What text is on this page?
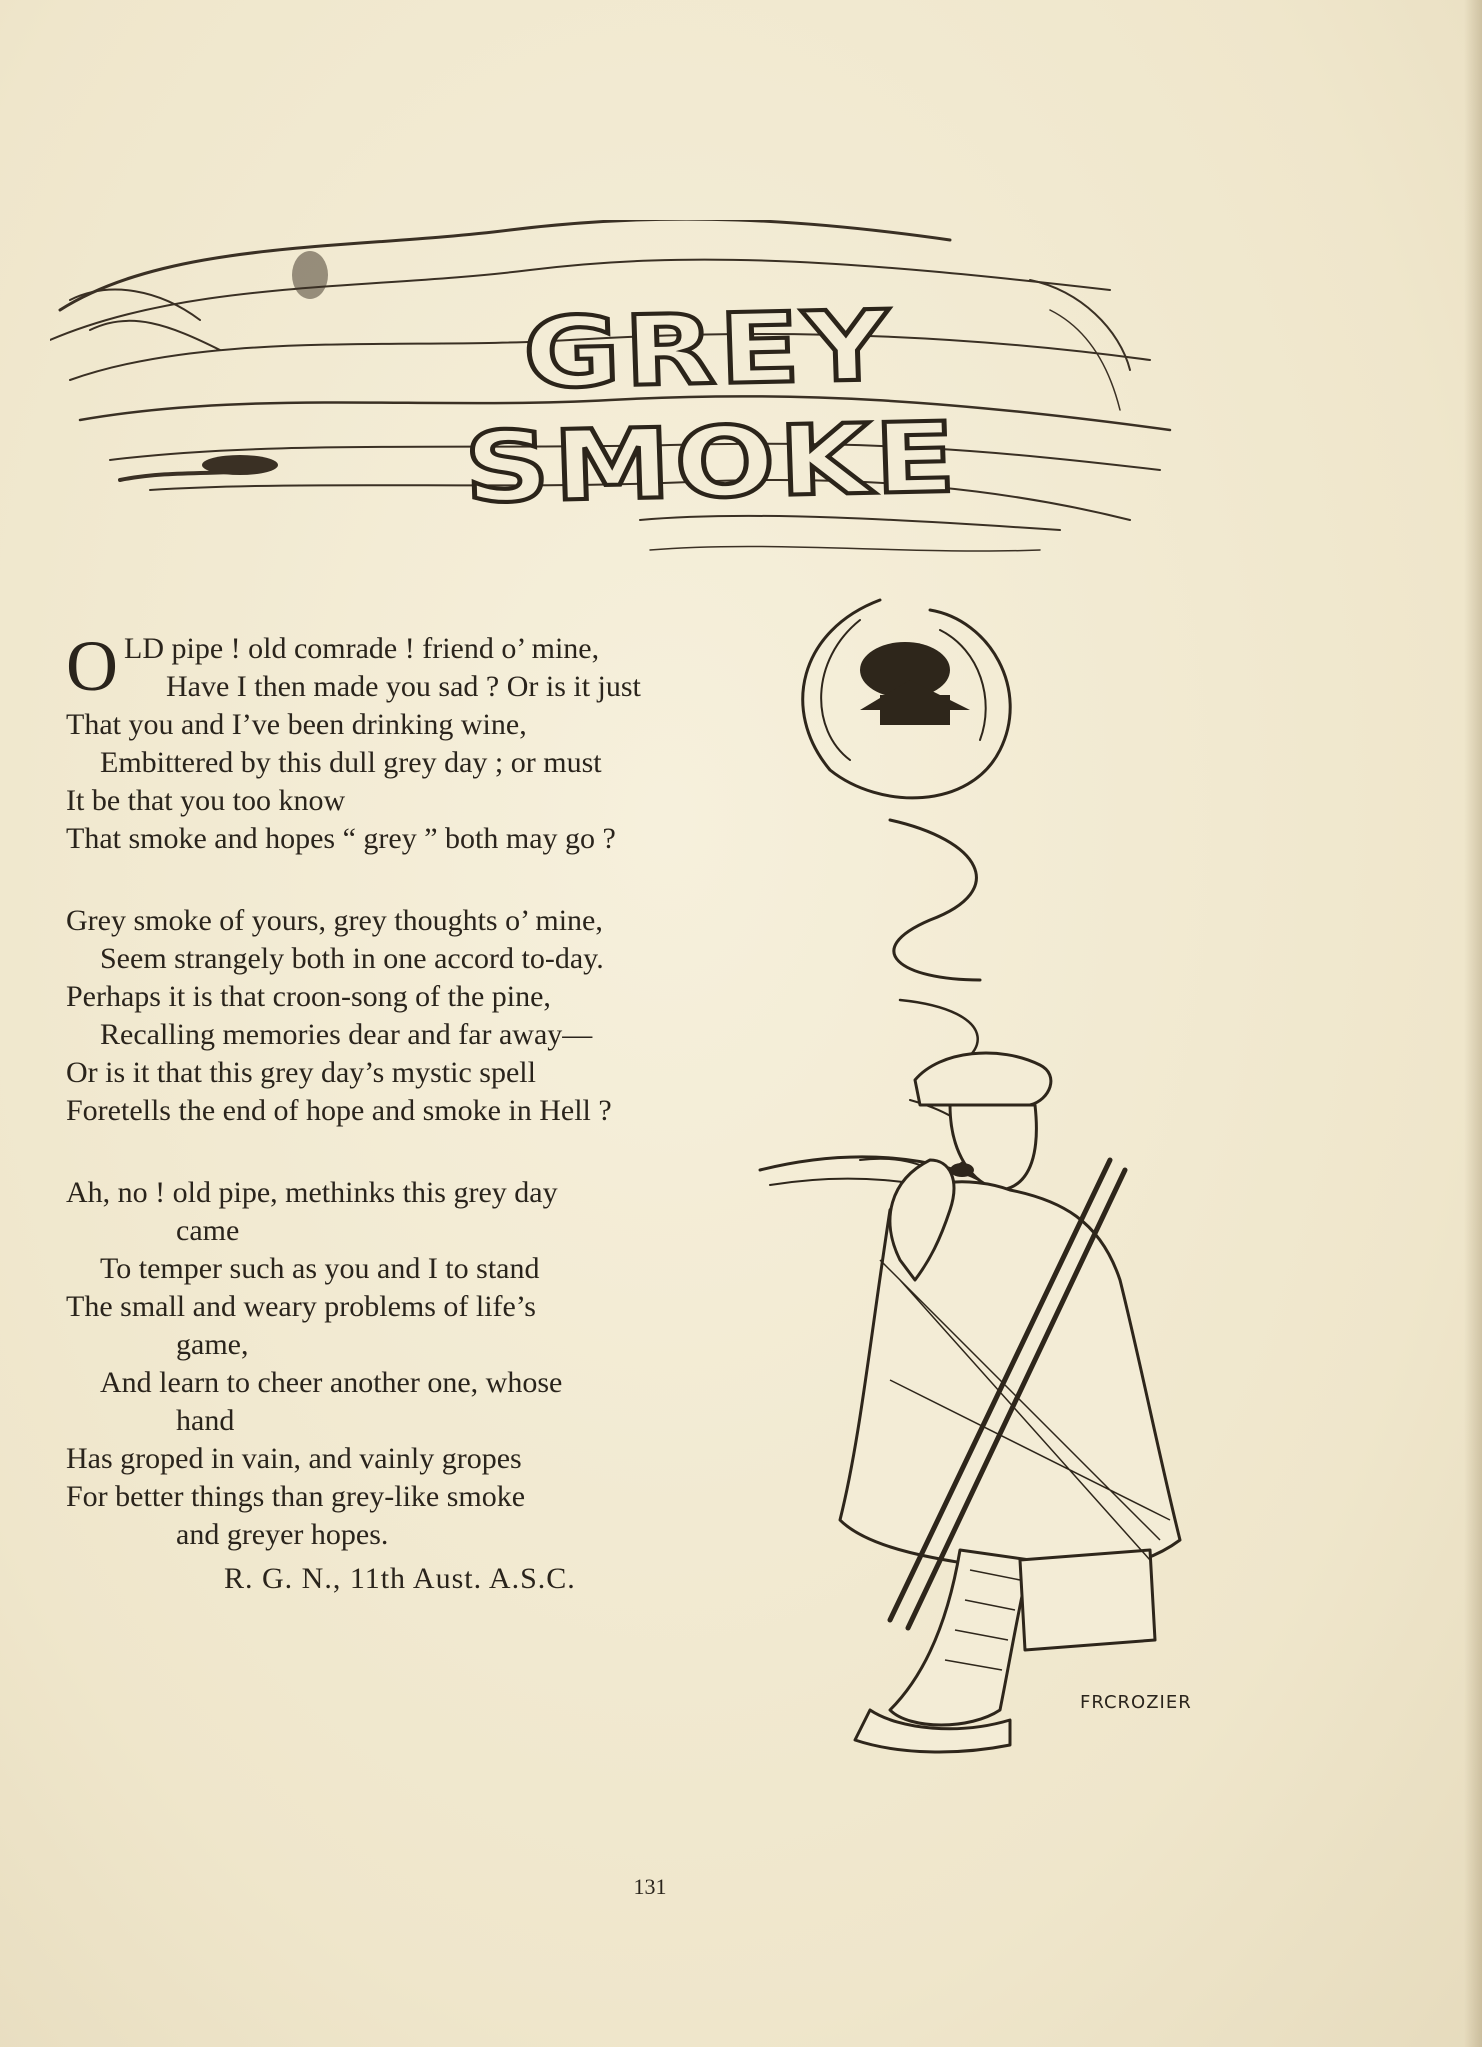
GREY SMOKE
OLD pipe ! old comrade ! friend o’ mine,
Have I then made you sad ? Or is it just
That you and I’ve been drinking wine,
Embittered by this dull grey day ; or must
It be that you too know
That smoke and hopes “ grey ” both may go ?
Grey smoke of yours, grey thoughts o’ mine,
Seem strangely both in one accord to-day.
Perhaps it is that croon-song of the pine,
Recalling memories dear and far away—
Or is it that this grey day’s mystic spell
Foretells the end of hope and smoke in Hell ?
Ah, no ! old pipe, methinks this grey day
came
To temper such as you and I to stand
The small and weary problems of life’s
game,
And learn to cheer another one, whose
hand
Has groped in vain, and vainly gropes
For better things than grey-like smoke
and greyer hopes.
R. G. N., 11th Aust. A.S.C.
FRCROZIER
131
